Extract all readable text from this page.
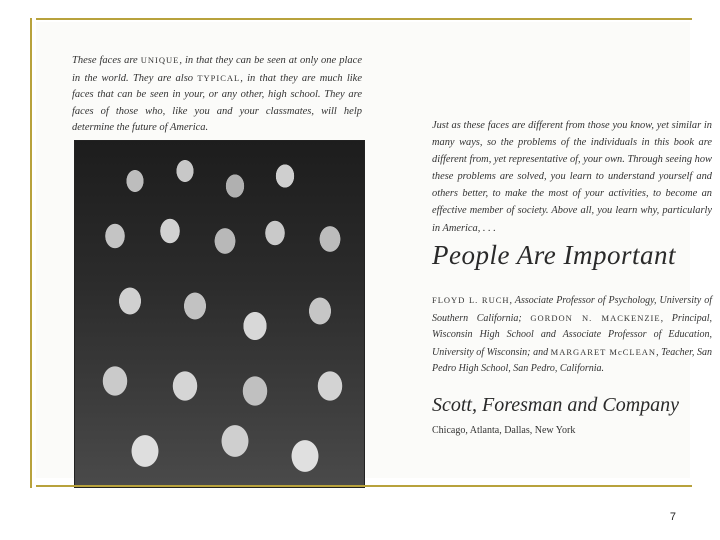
These faces are UNIQUE, in that they can be seen at only one place in the world. They are also TYPICAL, in that they are much like faces that can be seen in your, or any other, high school. They are faces of those who, like you and your classmates, will help determine the future of America.	Just as these faces are different from those you know, yet similar in many ways, so the problems of the individuals in this book are different from, yet representative of, your own. Through seeing how these problems are solved, you learn to understand yourself and others better, to make the most of your activities, to become an effective member of society. Above all, you learn why, particularly in America, . . .
People Are Important
FLOYD L. RUCH, Associate Professor of Psychology, University of Southern California; GORDON N. MACKENZIE, Principal, Wisconsin High School and Associate Professor of Education, University of Wisconsin; and MARGARET McCLEAN, Teacher, San Pedro High School, San Pedro, California.
Scott, Foresman and Company
Chicago, Atlanta, Dallas, New York
7
